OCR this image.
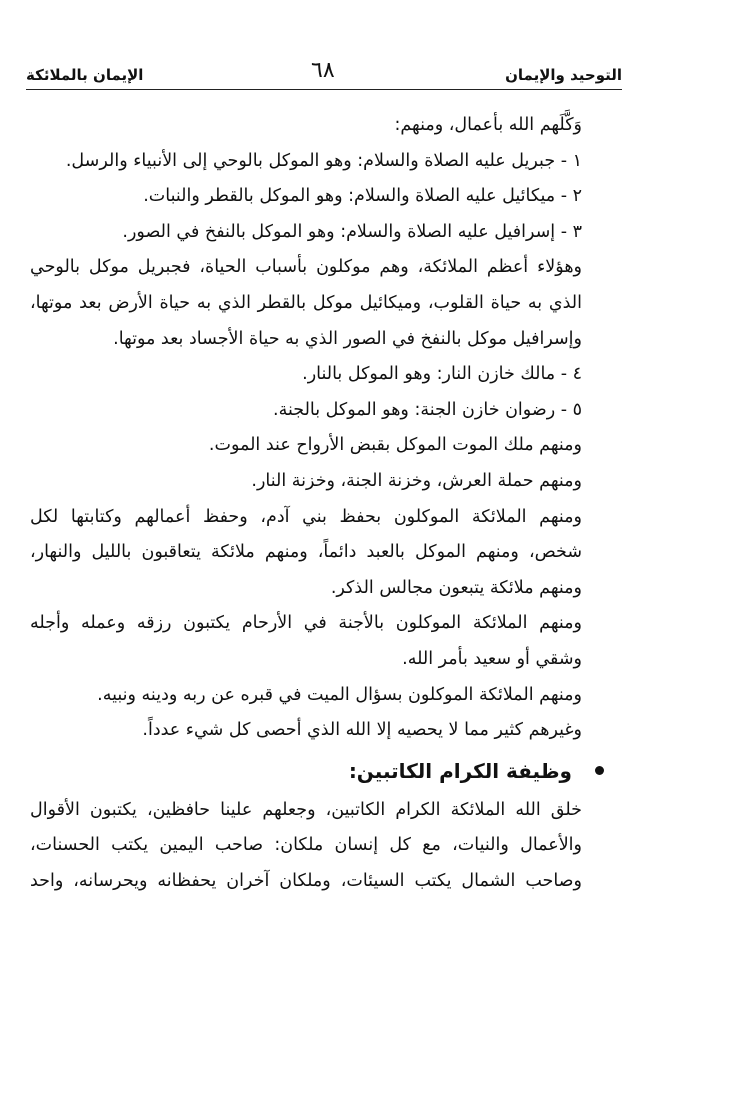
التوحيد والإيمان
٦٨
الإيمان بالملائكة
وَكَّلَهم الله بأعمال، ومنهم:
١ - جبريل عليه الصلاة والسلام: وهو الموكل بالوحي إلى الأنبياء والرسل.
٢ - ميكائيل عليه الصلاة والسلام: وهو الموكل بالقطر والنبات.
٣ - إسرافيل عليه الصلاة والسلام: وهو الموكل بالنفخ في الصور.
وهؤلاء أعظم الملائكة، وهم موكلون بأسباب الحياة، فجبريل موكل بالوحي
الذي به حياة القلوب، وميكائيل موكل بالقطر الذي به حياة الأرض بعد موتها،
وإسرافيل موكل بالنفخ في الصور الذي به حياة الأجساد بعد موتها.
٤ - مالك خازن النار: وهو الموكل بالنار.
٥ - رضوان خازن الجنة: وهو الموكل بالجنة.
ومنهم ملك الموت الموكل بقبض الأرواح عند الموت.
ومنهم حملة العرش، وخزنة الجنة، وخزنة النار.
ومنهم الملائكة الموكلون بحفظ بني آدم، وحفظ أعمالهم وكتابتها لكل
شخص، ومنهم الموكل بالعبد دائماً، ومنهم ملائكة يتعاقبون بالليل والنهار،
ومنهم ملائكة يتبعون مجالس الذكر.
ومنهم الملائكة الموكلون بالأجنة في الأرحام يكتبون رزقه وعمله وأجله
وشقي أو سعيد بأمر الله.
ومنهم الملائكة الموكلون بسؤال الميت في قبره عن ربه ودينه ونبيه.
وغيرهم كثير مما لا يحصيه إلا الله الذي أحصى كل شيء عدداً.
وظيفة الكرام الكاتبين:
خلق الله الملائكة الكرام الكاتبين، وجعلهم علينا حافظين، يكتبون الأقوال
والأعمال والنيات، مع كل إنسان ملكان: صاحب اليمين يكتب الحسنات،
وصاحب الشمال يكتب السيئات، وملكان آخران يحفظانه ويحرسانه، واحد
